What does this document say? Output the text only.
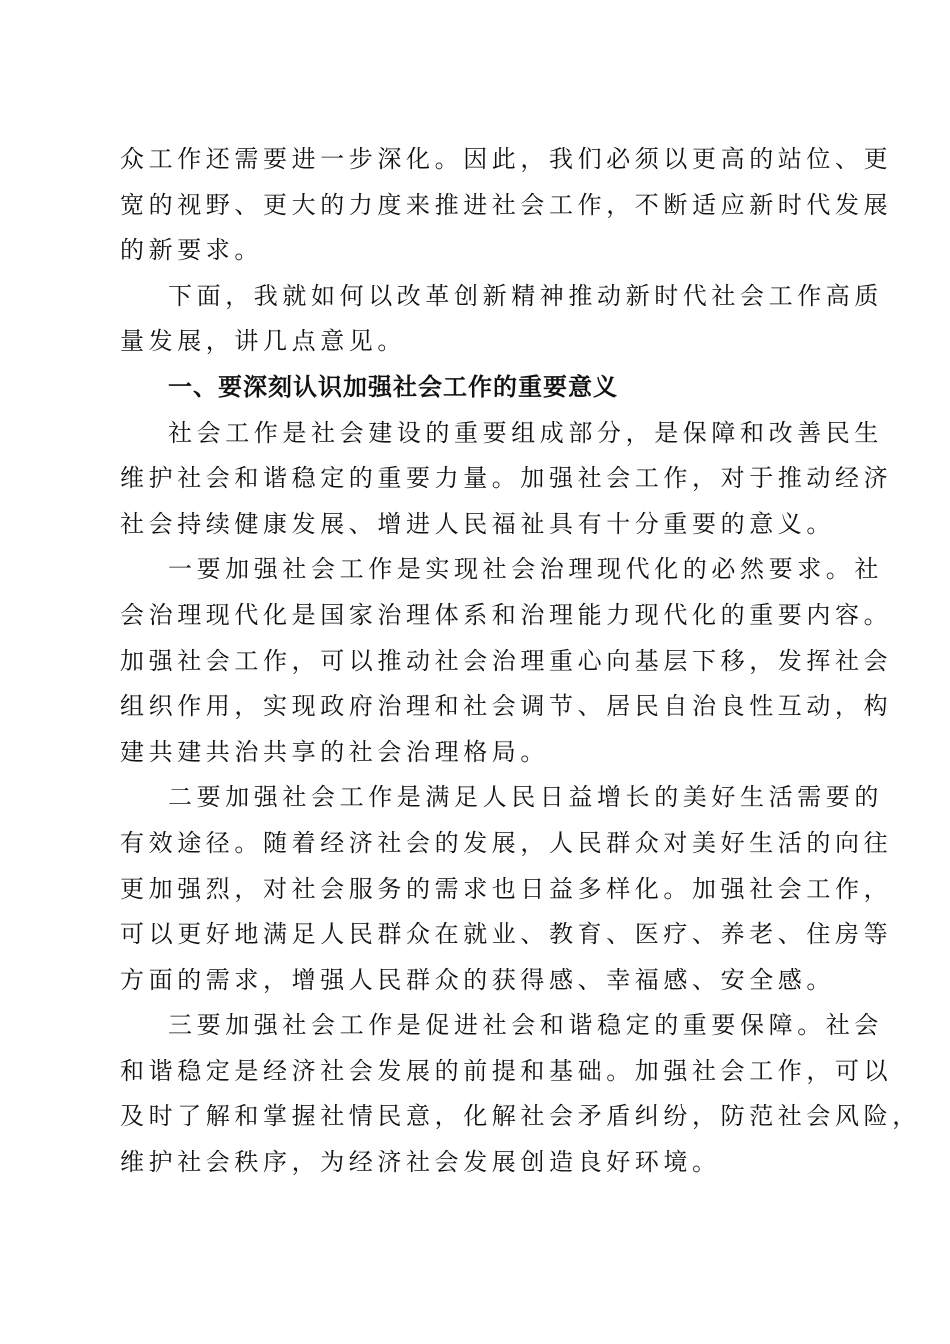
众工作还需要进一步深化。因此，我们必须以更高的站位、更
宽的视野、更大的力度来推进社会工作，不断适应新时代发展
的新要求。

下面，我就如何以改革创新精神推动新时代社会工作高质
量发展，讲几点意见。

一、要深刻认识加强社会工作的重要意义

社会工作是社会建设的重要组成部分，是保障和改善民生
维护社会和谐稳定的重要力量。加强社会工作，对于推动经济
社会持续健康发展、增进人民福祉具有十分重要的意义。

一要加强社会工作是实现社会治理现代化的必然要求。社
会治理现代化是国家治理体系和治理能力现代化的重要内容。
加强社会工作，可以推动社会治理重心向基层下移，发挥社会
组织作用，实现政府治理和社会调节、居民自治良性互动，构
建共建共治共享的社会治理格局。

二要加强社会工作是满足人民日益增长的美好生活需要的
有效途径。随着经济社会的发展，人民群众对美好生活的向往
更加强烈，对社会服务的需求也日益多样化。加强社会工作，
可以更好地满足人民群众在就业、教育、医疗、养老、住房等
方面的需求，增强人民群众的获得感、幸福感、安全感。

三要加强社会工作是促进社会和谐稳定的重要保障。社会
和谐稳定是经济社会发展的前提和基础。加强社会工作，可以
及时了解和掌握社情民意，化解社会矛盾纠纷，防范社会风险，
维护社会秩序，为经济社会发展创造良好环境。
